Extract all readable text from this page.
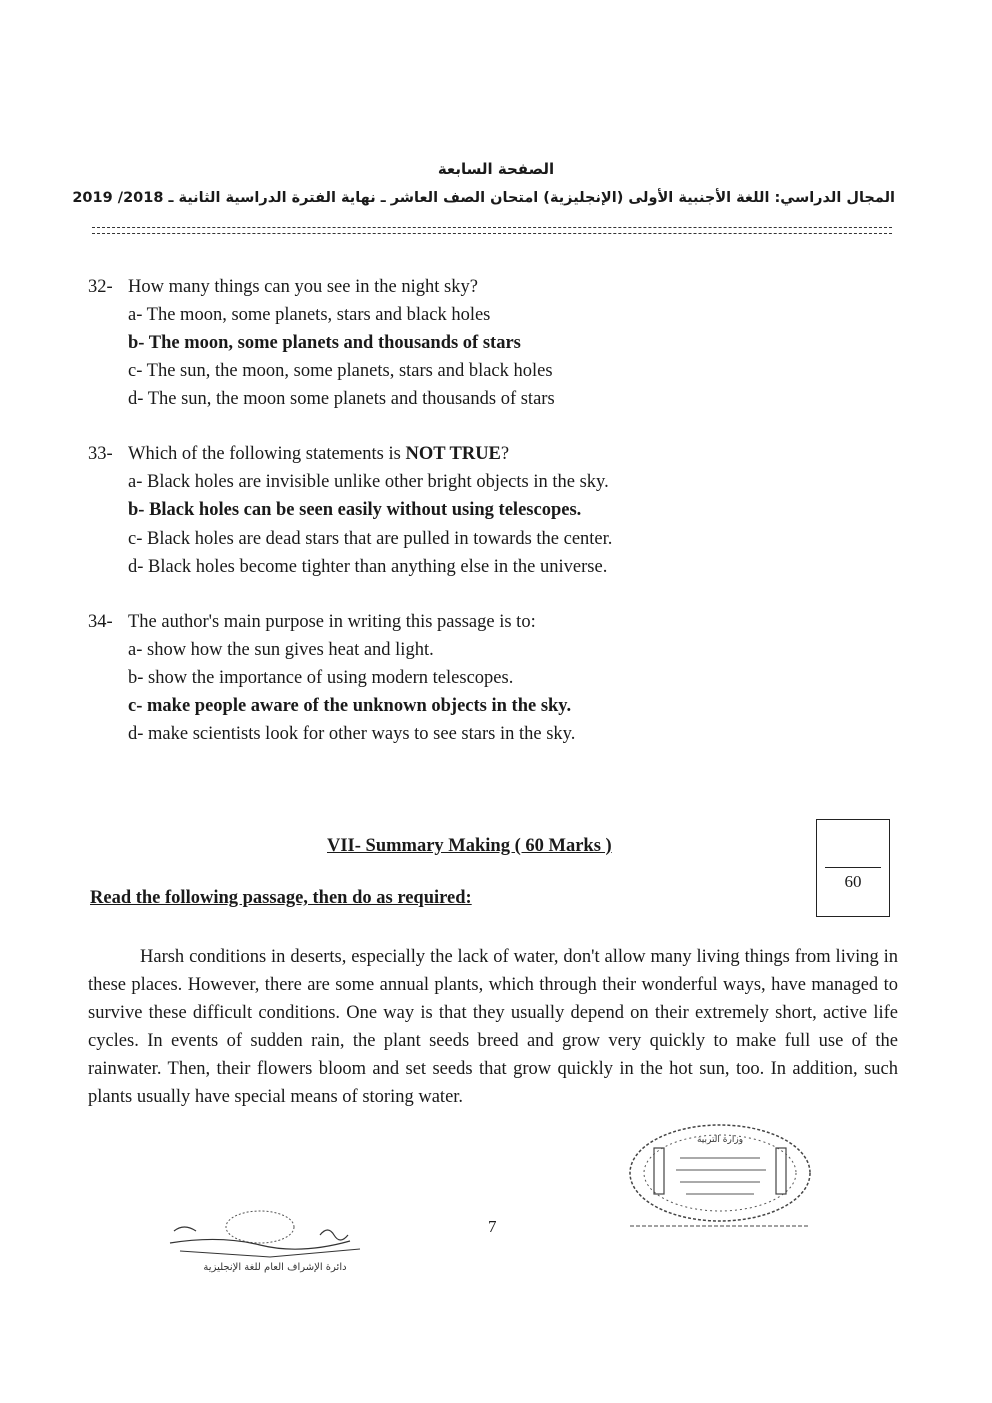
الصفحة السابعة
المجال الدراسي: اللغة الأجنبية الأولى (الإنجليزية) امتحان الصف العاشر ـ نهاية الفترة الدراسية الثانية ـ 2018/ 2019
32- How many things can you see in the night sky?
a- The moon, some planets, stars and black holes
b- The moon, some planets and thousands of stars
c- The sun, the moon, some planets, stars and black holes
d- The sun, the moon some planets and thousands of stars
33- Which of the following statements is NOT TRUE?
a- Black holes are invisible unlike other bright objects in the sky.
b- Black holes can be seen easily without using telescopes.
c- Black holes are dead stars that are pulled in towards the center.
d- Black holes become tighter than anything else in the universe.
34- The author's main purpose in writing this passage is to:
a- show how the sun gives heat and light.
b- show the importance of using modern telescopes.
c- make people aware of the unknown objects in the sky.
d- make scientists look for other ways to see stars in the sky.
VII- Summary Making ( 60 Marks )
60
Read the following passage, then do as required:
Harsh conditions in deserts, especially the lack of water, don't allow many living things from living in these places. However, there are some annual plants, which through their wonderful ways, have managed to survive these difficult conditions. One way is that they usually depend on their extremely short, active life cycles. In events of sudden rain, the plant seeds breed and grow very quickly to make full use of the rainwater. Then, their flowers bloom and set seeds that grow quickly in the hot sun, too. In addition, such plants usually have special means of storing water.
وزارة التربية
دائرة الإشراف العام للغة الإنجليزية
7
